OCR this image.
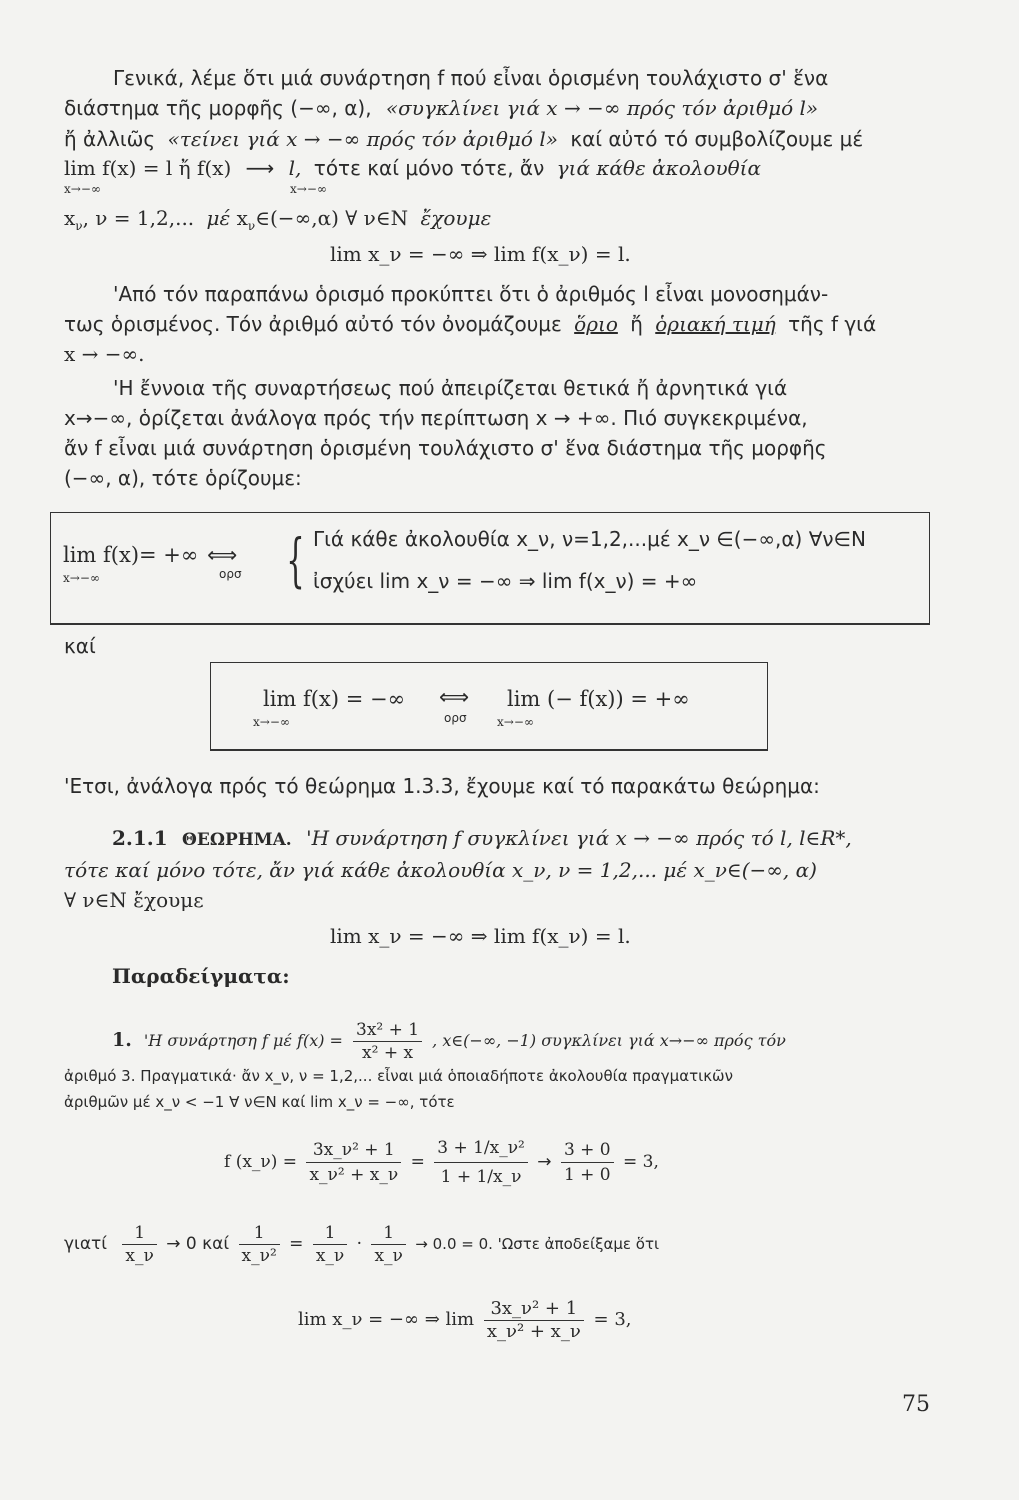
Γενικά, λέμε ὅτι μιά συνάρτηση f πού εἶναι ὁρισμένη τουλάχιστο σ' ἕνα
διάστημα τῆς μορφῆς (−∞, α), «συγκλίνει γιά x → −∞ πρός τόν ἀριθμό l»
ἤ ἀλλιῶς «τείνει γιά x → −∞ πρός τόν ἀριθμό l» καί αὐτό τό συμβολίζουμε μέ
lim f(x) = l ἤ f(x) ⟶ l, τότε καί μόνο τότε, ἄν γιά κάθε ἀκολουθία
x→−∞	x→−∞
$x_\nu$, ν = 1,2,... μέ $x_\nu\in(-\infty,\alpha)$ ∀ ν∈N ἔχουμε
lim x_ν = −∞ ⇒ lim f(x_ν) = l.
'Από τόν παραπάνω ὁρισμό προκύπτει ὅτι ὁ ἀριθμός l εἶναι μονοσημάν-
τως ὁρισμένος. Τόν ἀριθμό αὐτό τόν ὀνομάζουμε ὅριο ἤ ὁριακή τιμή τῆς f γιά
x → −∞.
'Η ἔννοια τῆς συναρτήσεως πού ἀπειρίζεται θετικά ἤ ἀρνητικά γιά
x→−∞, ὁρίζεται ἀνάλογα πρός τήν περίπτωση x → +∞. Πιό συγκεκριμένα,
ἄν f εἶναι μιά συνάρτηση ὁρισμένη τουλάχιστο σ' ἕνα διάστημα τῆς μορφῆς
(−∞, α), τότε ὁρίζουμε:
lim f(x)= +∞ ⟺
x→−∞	ορσ { Γιά κάθε ἀκολουθία x_ν, ν=1,2,...μέ x_ν ∈(−∞,α) ∀ν∈N
ἰσχύει lim x_ν = −∞ ⇒ lim f(x_ν) = +∞
καί
lim f(x) = −∞
x→−∞
⟺
ορσ
lim (− f(x)) = +∞
x→−∞
'Ετσι, ἀνάλογα πρός τό θεώρημα 1.3.3, ἔχουμε καί τό παρακάτω θεώρημα:
2.1.1 ΘΕΩΡΗΜΑ. 'Η συνάρτηση f συγκλίνει γιά x → −∞ πρός τό l, l∈R*,
τότε καί μόνο τότε, ἄν γιά κάθε ἀκολουθία x_ν, ν = 1,2,... μέ x_ν∈(−∞, α)
∀ ν∈N ἔχουμε
lim x_ν = −∞ ⇒ lim f(x_ν) = l.
Παραδείγματα:
1. 'Η συνάρτηση f μέ $f(x) = \frac{\text{3x² + 1}}{\text{x² + x}}$ , x∈(−∞, −1) συγκλίνει γιά x→−∞ πρός τόν
ἀριθμό 3. Πραγματικά· ἄν x_ν, ν = 1,2,... εἶναι μιά ὁποιαδήποτε ἀκολουθία πραγματικῶν
ἀριθμῶν μέ x_ν < −1 ∀ ν∈N καί lim x_ν = −∞, τότε
f (x_ν) = $\frac{\text{3x\_ν² + 1}}{\text{x\_ν² + x\_ν}} = \frac{\text{3 + 1/x\_ν²}}{1 + 1/x\_\nu} \to \frac{3 + 0}{1 + 0} = 3$,
γιατί $\frac{1}{x\_\nu} \to 0$ καί $\frac{1}{\text{x\_ν²}} = \frac{1}{x\_\nu} \cdot \frac{1}{x\_\nu} \to 0.0 = 0$. 'Ωστε ἀποδείξαμε ὅτι
lim x_ν = −∞ ⇒ $\lim \frac{\text{3x\_ν² + 1}}{\text{x\_ν² + x\_ν}} = 3$,
75
